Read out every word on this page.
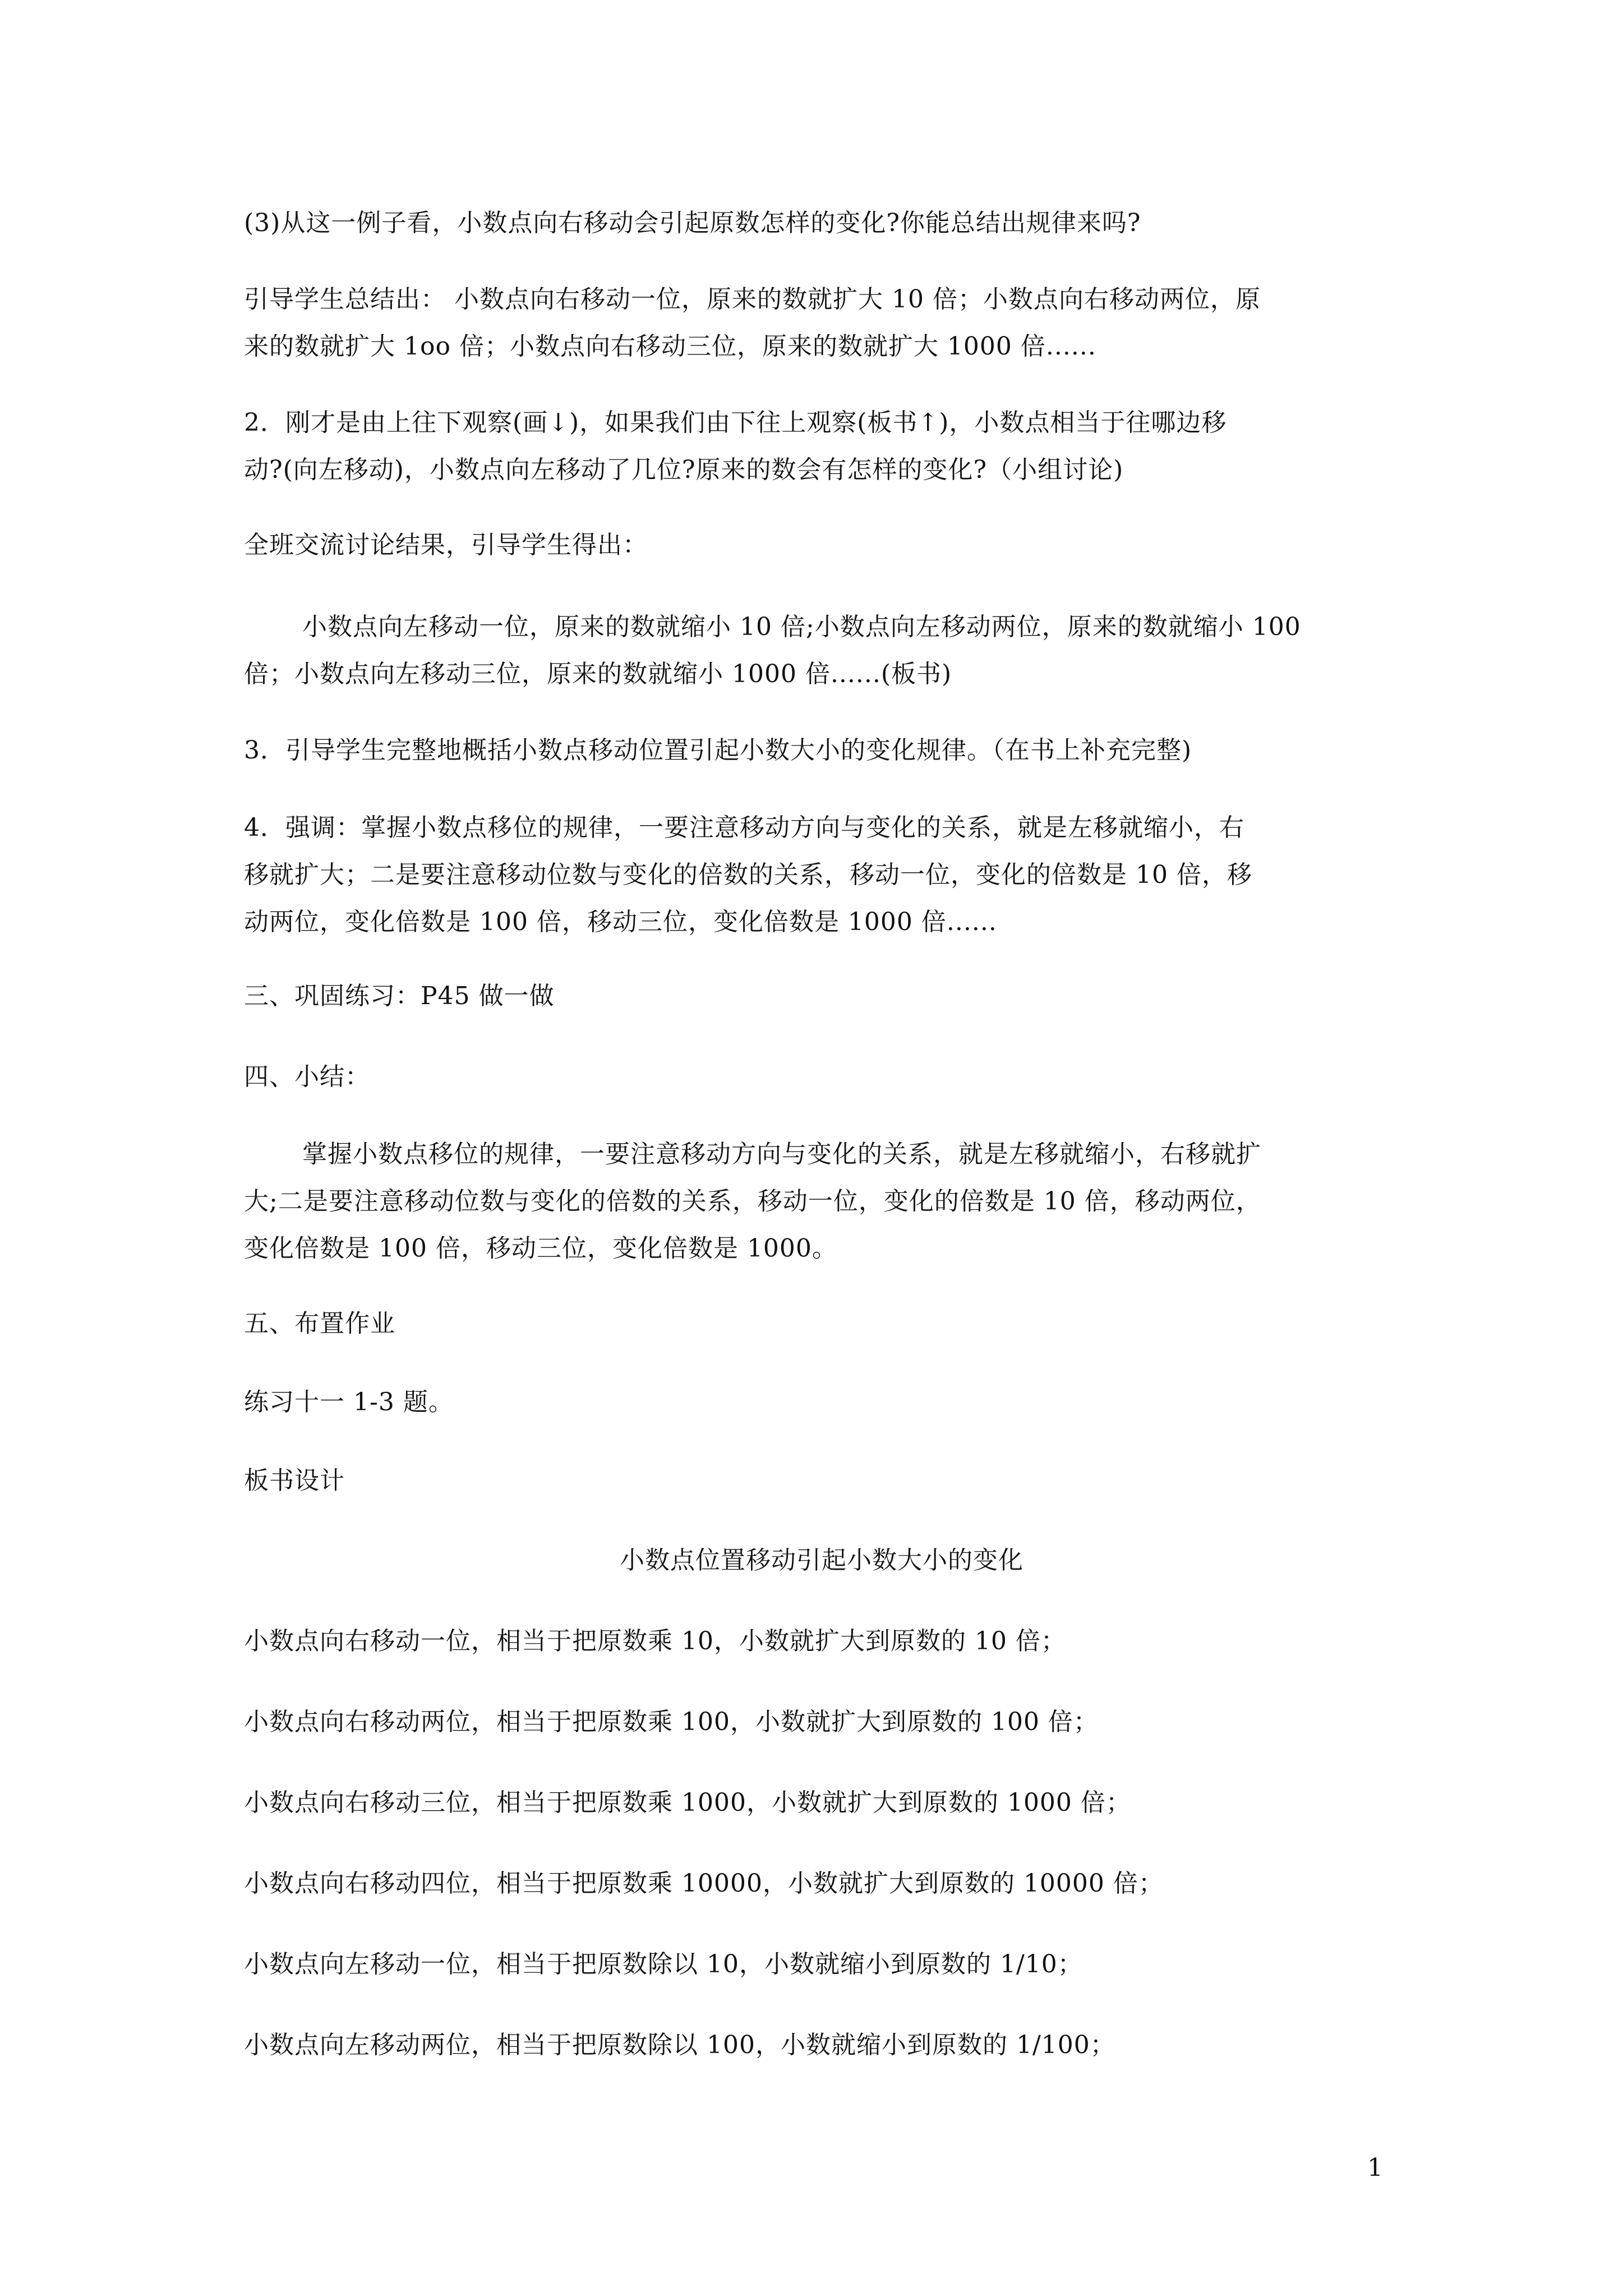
(3)从这一例子看，小数点向右移动会引起原数怎样的变化?你能总结出规律来吗?

引导学生总结出： 小数点向右移动一位，原来的数就扩大 10 倍；小数点向右移动两位，原

来的数就扩大 1oo 倍；小数点向右移动三位，原来的数就扩大 1000 倍......

2．刚才是由上往下观察(画↓)，如果我们由下往上观察(板书↑)，小数点相当于往哪边移

动?(向左移动)，小数点向左移动了几位?原来的数会有怎样的变化?（小组讨论)

全班交流讨论结果，引导学生得出：

小数点向左移动一位，原来的数就缩小 10 倍;小数点向左移动两位，原来的数就缩小 100

倍；小数点向左移动三位，原来的数就缩小 1000 倍......(板书)

3．引导学生完整地概括小数点移动位置引起小数大小的变化规律。（在书上补充完整)

4．强调：掌握小数点移位的规律，一要注意移动方向与变化的关系，就是左移就缩小，右

移就扩大；二是要注意移动位数与变化的倍数的关系，移动一位，变化的倍数是 10 倍，移

动两位，变化倍数是 100 倍，移动三位，变化倍数是 1000 倍......

三、巩固练习：P45 做一做

四、小结：

掌握小数点移位的规律，一要注意移动方向与变化的关系，就是左移就缩小，右移就扩

大;二是要注意移动位数与变化的倍数的关系，移动一位，变化的倍数是 10 倍，移动两位，

变化倍数是 100 倍，移动三位，变化倍数是 1000。

五、布置作业

练习十一 1-3 题。

板书设计

小数点位置移动引起小数大小的变化

小数点向右移动一位，相当于把原数乘 10，小数就扩大到原数的 10 倍；

小数点向右移动两位，相当于把原数乘 100，小数就扩大到原数的 100 倍；

小数点向右移动三位，相当于把原数乘 1000，小数就扩大到原数的 1000 倍；

小数点向右移动四位，相当于把原数乘 10000，小数就扩大到原数的 10000 倍；

小数点向左移动一位，相当于把原数除以 10，小数就缩小到原数的 1/10；

小数点向左移动两位，相当于把原数除以 100，小数就缩小到原数的 1/100；

1
